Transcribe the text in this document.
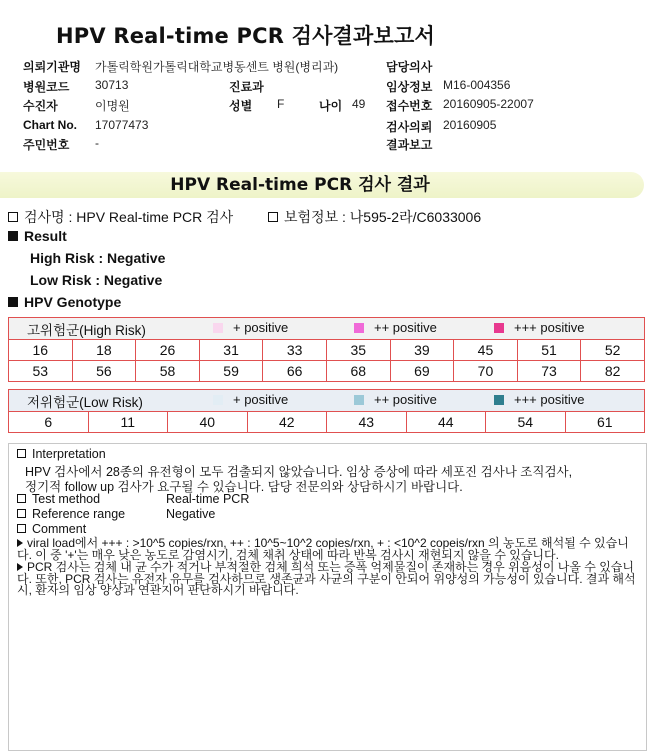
HPV Real-time PCR 검사결과보고서
의뢰기관명 가톨릭학원가톨릭대학교병동센트 병원(병리과)	담당의사
병원코드 30713	진료과	임상정보 M16-004356
수진자	이명원	성별 F	나이 49 접수번호 20160905-22007
Chart No. 17077473	검사의뢰 20160905
주민번호 -	결과보고
HPV Real-time PCR 검사 결과
검사명 : HPV Real-time PCR 검사	보험정보 : 나595-2라/C6033006
Result
High Risk : Negative
Low Risk : Negative
HPV Genotype
고위험군(High Risk)									
16	18	26	31	33	35	39	45	51	52
53	56	58	59	66	68	69	70	73	82
+ positive	++ positive	+++ positive
저위험군(Low Risk)
6	11	40	42	43	44	54	61
+ positive	++ positive	+++ positive
Interpretation
HPV 검사에서 28종의 유전형이 모두 검출되지 않았습니다. 임상 증상에 따라 세포진 검사나 조직검사,
정기적 follow up 검사가 요구될 수 있습니다. 담당 전문의와 상담하시기 바랍니다.
Test method	Real-time PCR
Reference range	Negative
Comment
viral load에서 +++ : >10^5 copies/rxn, ++ : 10^5~10^2 copies/rxn, + : <10^2 copeis/rxn 의 농도로 해석될 수 있습니다. 이 중 '+'는 매우 낮은 농도로 감염시기, 검체 채취 상태에 따라 반복 검사시 재현되지 않을 수 있습니다.
PCR 검사는 검체 내 균 수가 적거나 부적절한 검체 희석 또는 증폭 억제물질이 존재하는 경우 위음성이 나올 수 있습니다. 또한, PCR 검사는 유전자 유무를 검사하므로 생존균과 사균의 구분이 안되어 위양성의 가능성이 있습니다. 결과 해석 시, 환자의 임상 양상과 연관지어 판단하시기 바랍니다.
